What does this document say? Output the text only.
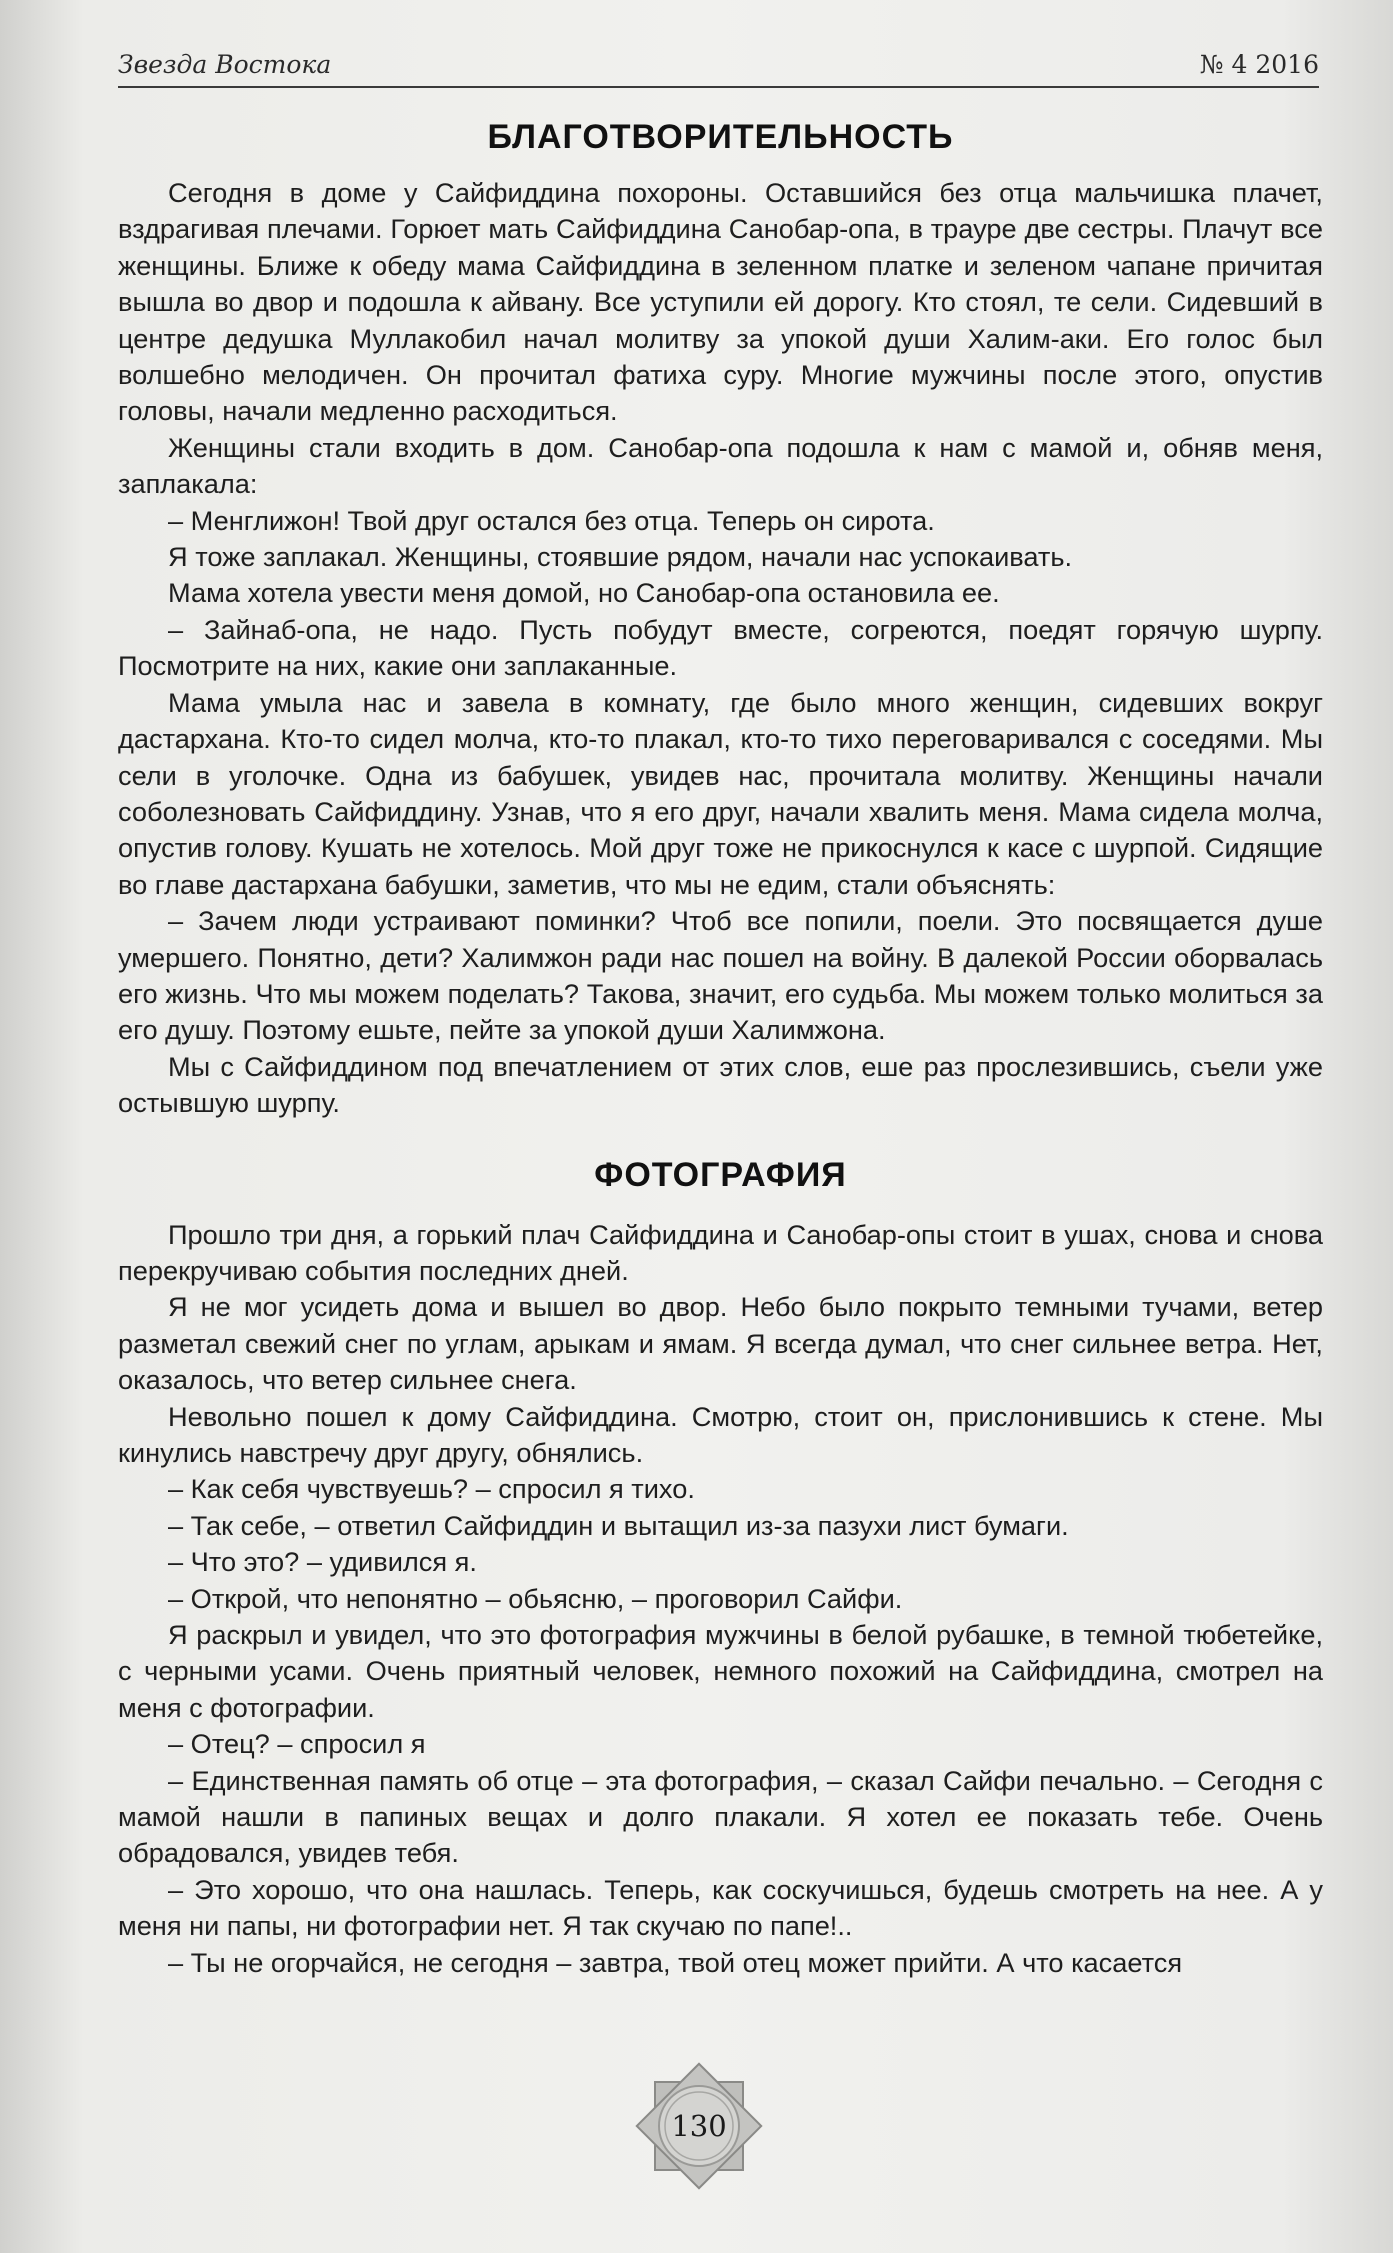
Звезда Востока	№ 4 2016
БЛАГОТВОРИТЕЛЬНОСТЬ

Сегодня в доме у Сайфиддина похороны. Оставшийся без отца мальчишка плачет, вздрагивая плечами. Горюет мать Сайфиддина Санобар-опа, в трауре две сестры. Плачут все женщины. Ближе к обеду мама Сайфиддина в зеленном платке и зеленом чапане причитая вышла во двор и подошла к айвану. Все уступили ей дорогу. Кто стоял, те сели. Сидевший в центре дедушка Муллакобил начал молитву за упокой души Халим-аки. Его голос был волшебно мелодичен. Он прочитал фатиха суру. Многие мужчины после этого, опустив головы, начали медленно расходиться.

Женщины стали входить в дом. Санобар-опа подошла к нам с мамой и, обняв меня, заплакала:

– Менглижон! Твой друг остался без отца. Теперь он сирота.

Я тоже заплакал. Женщины, стоявшие рядом, начали нас успокаивать.

Мама хотела увести меня домой, но Санобар-опа остановила ее.

– Зайнаб-опа, не надо. Пусть побудут вместе, согреются, поедят горячую шурпу. Посмотрите на них, какие они заплаканные.

Мама умыла нас и завела в комнату, где было много женщин, сидевших вокруг дастархана. Кто-то сидел молча, кто-то плакал, кто-то тихо переговаривался с соседями. Мы сели в уголочке. Одна из бабушек, увидев нас, прочитала молитву. Женщины начали соболезновать Сайфиддину. Узнав, что я его друг, начали хвалить меня. Мама сидела молча, опустив голову. Кушать не хотелось. Мой друг тоже не прикоснулся к касе с шурпой. Сидящие во главе дастархана бабушки, заметив, что мы не едим, стали объяснять:

– Зачем люди устраивают поминки? Чтоб все попили, поели. Это посвящается душе умершего. Понятно, дети? Халимжон ради нас пошел на войну. В далекой России оборвалась его жизнь. Что мы можем поделать? Такова, значит, его судьба. Мы можем только молиться за его душу. Поэтому ешьте, пейте за упокой души Халимжона.

Мы с Сайфиддином под впечатлением от этих слов, еше раз прослезившись, съели уже остывшую шурпу.

ФОТОГРАФИЯ

Прошло три дня, а горький плач Сайфиддина и Санобар-опы стоит в ушах, снова и снова перекручиваю события последних дней.

Я не мог усидеть дома и вышел во двор. Небо было покрыто темными тучами, ветер разметал свежий снег по углам, арыкам и ямам. Я всегда думал, что снег сильнее ветра. Нет, оказалось, что ветер сильнее снега.

Невольно пошел к дому Сайфиддина. Смотрю, стоит он, прислонившись к стене. Мы кинулись навстречу друг другу, обнялись.

– Как себя чувствуешь? – спросил я тихо.

– Так себе, – ответил Сайфиддин и вытащил из-за пазухи лист бумаги.

– Что это? – удивился я.

– Открой, что непонятно – обьясню, – проговорил Сайфи.

Я раскрыл и увидел, что это фотография мужчины в белой рубашке, в темной тюбетейке, с черными усами. Очень приятный человек, немного похожий на Сайфиддина, смотрел на меня с фотографии.

– Отец? – спросил я

– Единственная память об отце – эта фотография, – сказал Сайфи печально. – Сегодня с мамой нашли в папиных вещах и долго плакали. Я хотел ее показать тебе. Очень обрадовался, увидев тебя.

– Это хорошо, что она нашлась. Теперь, как соскучишься, будешь смотреть на нее. А у меня ни папы, ни фотографии нет. Я так скучаю по папе!..

– Ты не огорчайся, не сегодня – завтра, твой отец может прийти. А что касается

130
